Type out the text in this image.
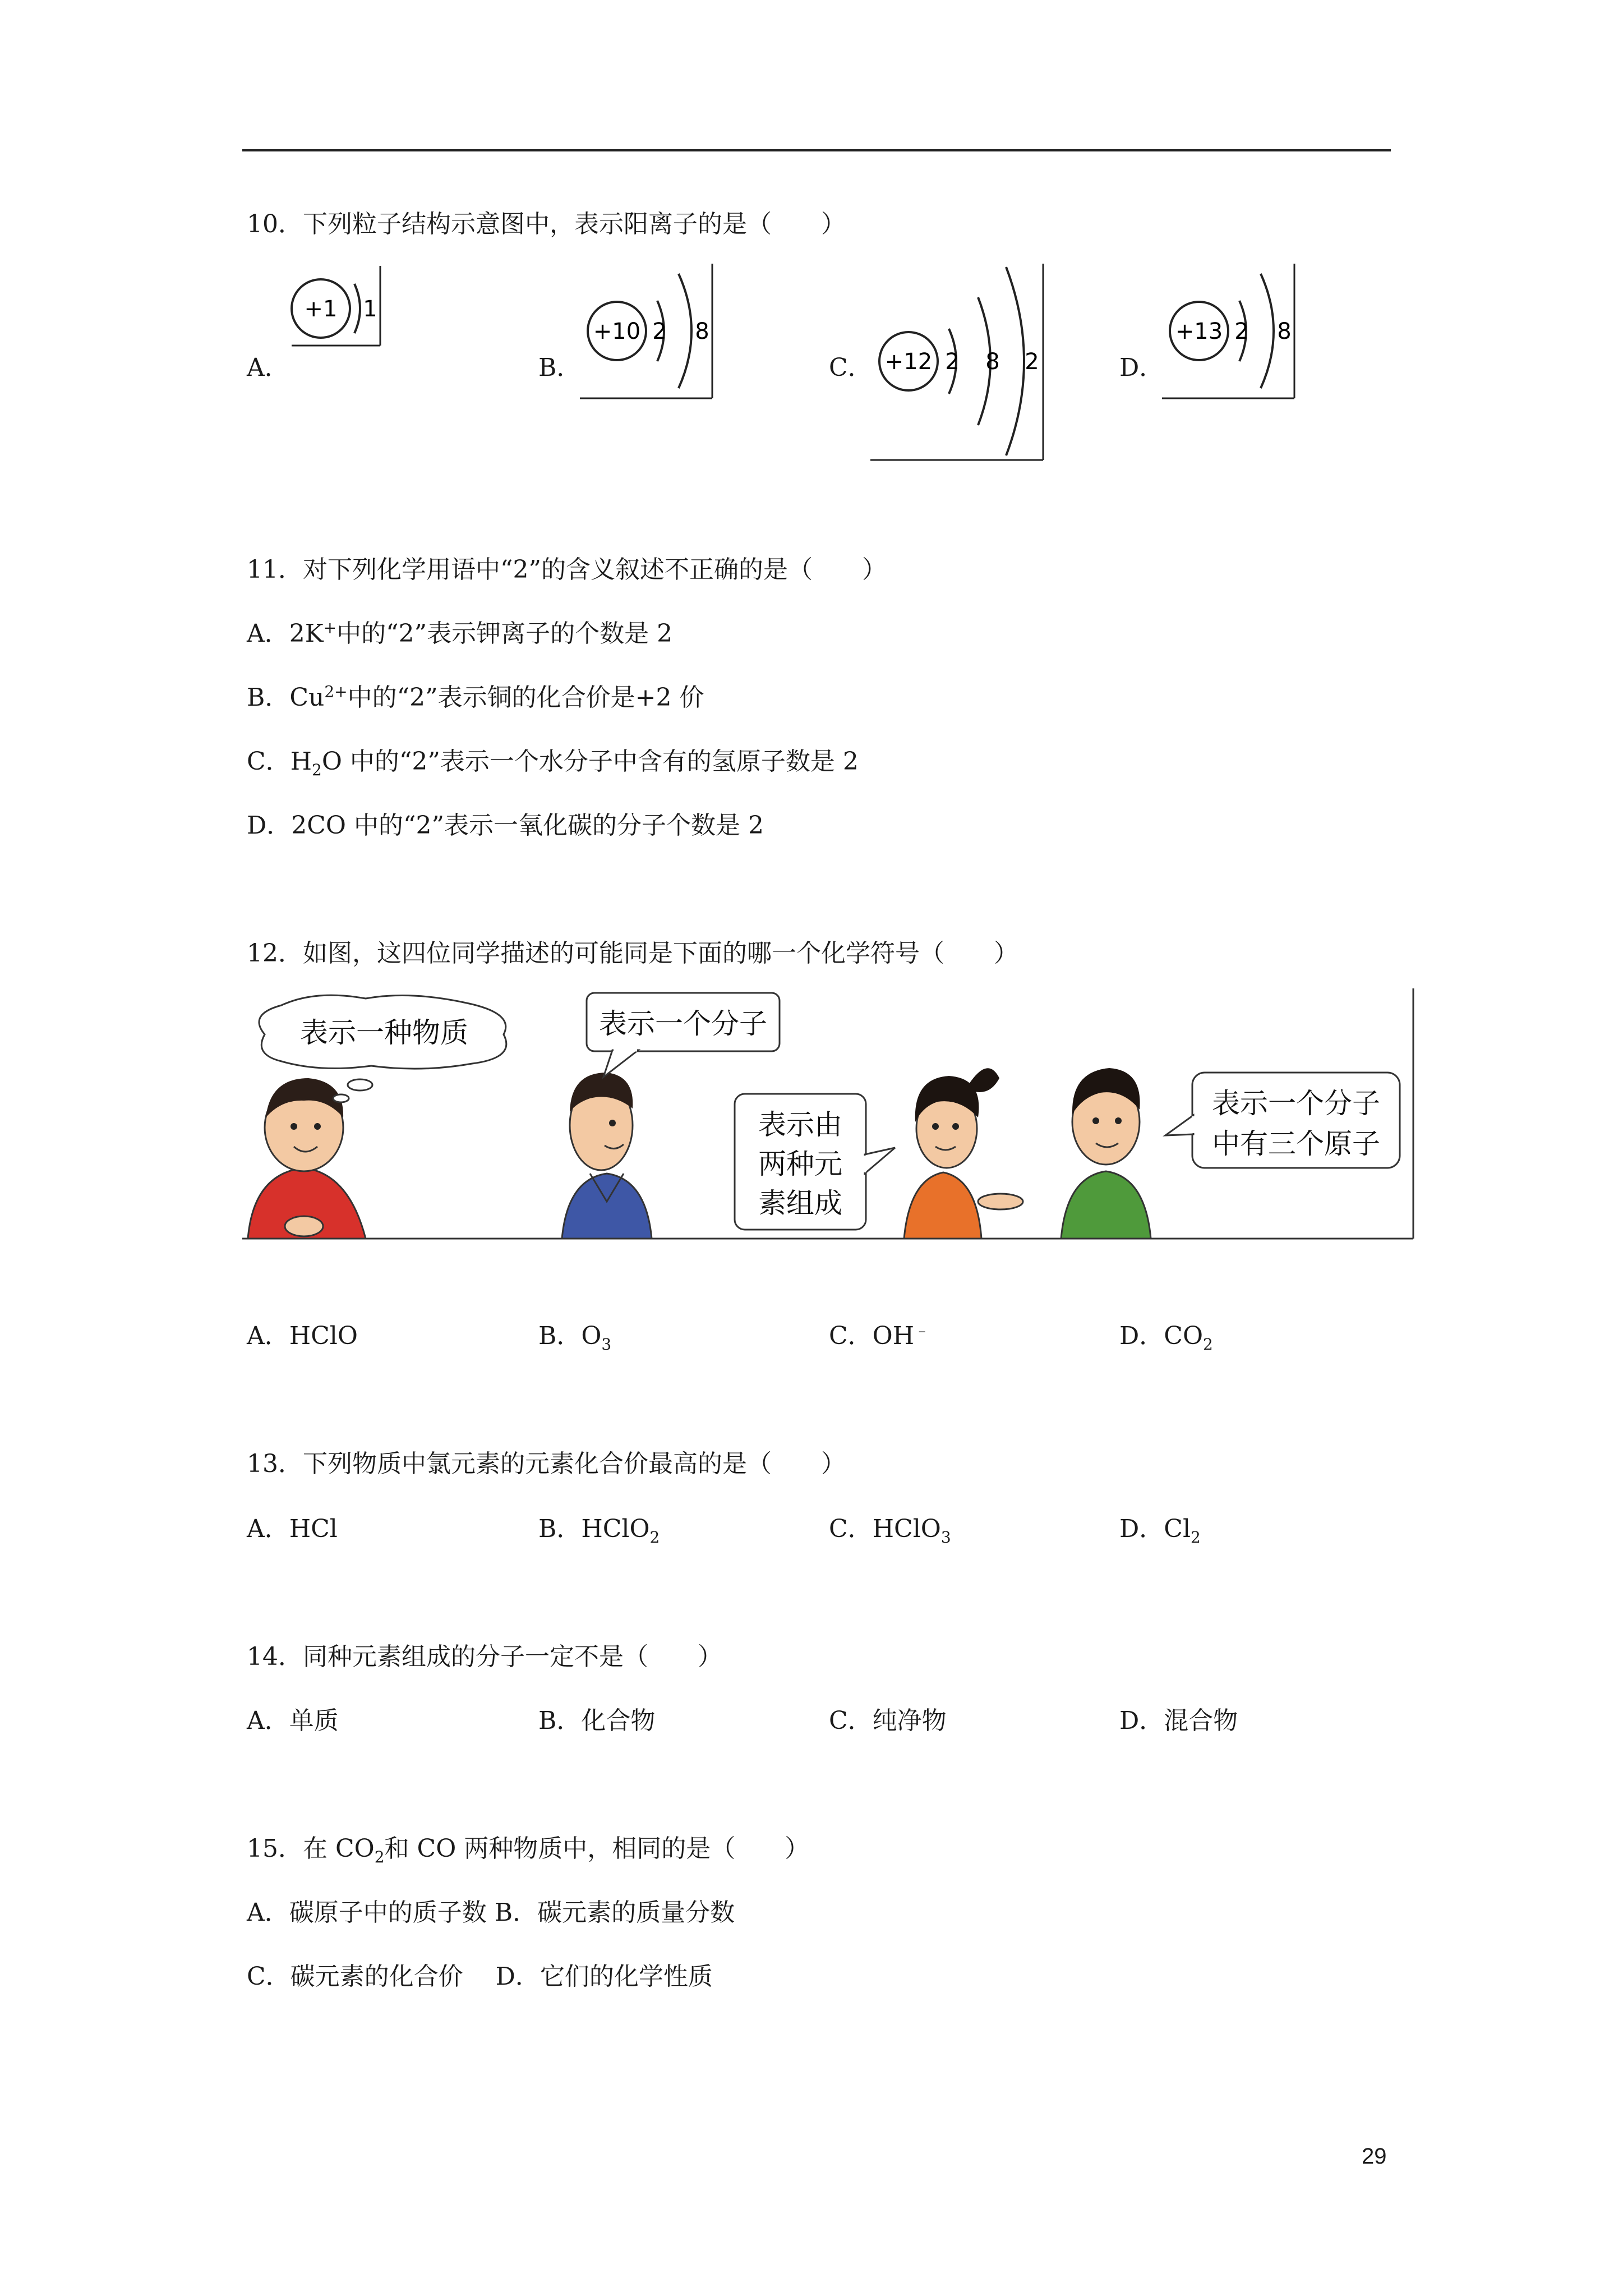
10．下列粒子结构示意图中，表示阳离子的是（　　）
A．
+1 1
B．
+10 2 8
C． +12 2 8 2	D．
+13 2 8
11．对下列化学用语中“2”的含义叙述不正确的是（　　）
A．2K+中的“2”表示钾离子的个数是 2
B．$Cu^{2+}$中的“2”表示铜的化合价是+2 价
C．$H_2O$ 中的“2”表示一个水分子中含有的氢原子数是 2
D．2CO 中的“2”表示一氧化碳的分子个数是 2
12．如图，这四位同学描述的可能同是下面的哪一个化学符号（　　）
表示一种物质	表示一个分子
表示由
两种元
素组成
表示一个分子
中有三个原子
A．HClO	B．$O_3$	C．OH﹣	D．$CO_2$
13．下列物质中氯元素的元素化合价最高的是（　　）
A．HCl	B．HClO$_2$	C．HClO$_3$	D．$Cl_2$
14．同种元素组成的分子一定不是（　　）
A．单质	B．化合物	C．纯净物	D．混合物
15．在 $CO_2$和 CO 两种物质中，相同的是（　　）
A．碳原子中的质子数 B．碳元素的质量分数
C．碳元素的化合价　 D．它们的化学性质
29
